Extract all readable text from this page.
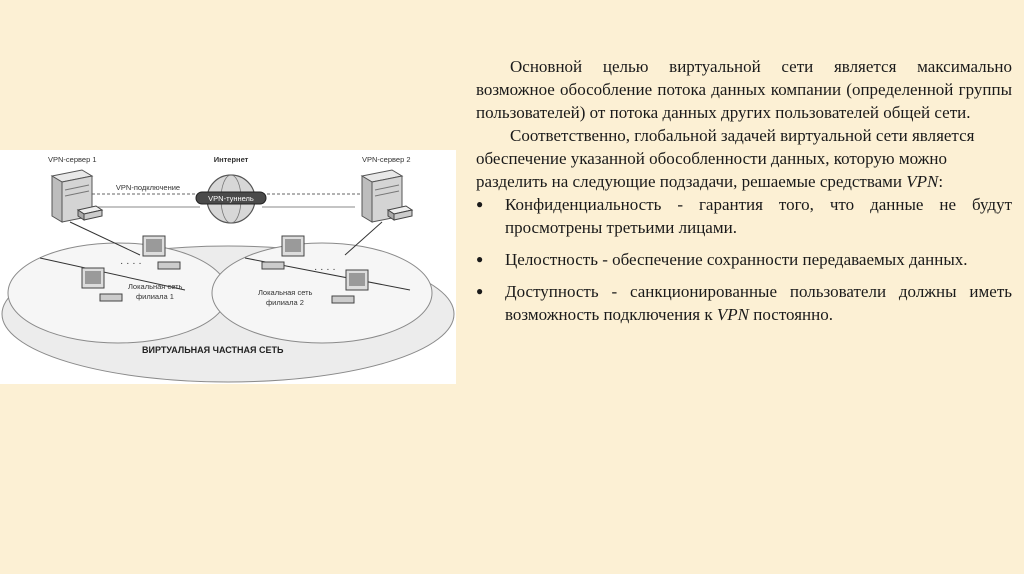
VPN-туннель
Интернет
VPN-подключение
VPN-сервер 1	VPN-сервер 2
· · · ·
Локальная сеть
филиала 1
· · · ·
Локальная сеть
филиала 2
ВИРТУАЛЬНАЯ ЧАСТНАЯ СЕТЬ

Основной целью виртуальной сети является максимально возможное обособление потока данных компании (определенной группы пользователей) от потока данных других пользователей общей сети.

Соответственно, глобальной задачей виртуальной сети является обеспечение указанной обособленности данных, которую можно разделить на следующие подзадачи, решаемые средствами VPN:

● Конфиденциальность - гарантия того, что данные не будут просмотрены третьими лицами.
● Целостность - обеспечение сохранности передаваемых данных.
● Доступность - санкционированные пользователи должны иметь возможность подключения к VPN постоянно.
